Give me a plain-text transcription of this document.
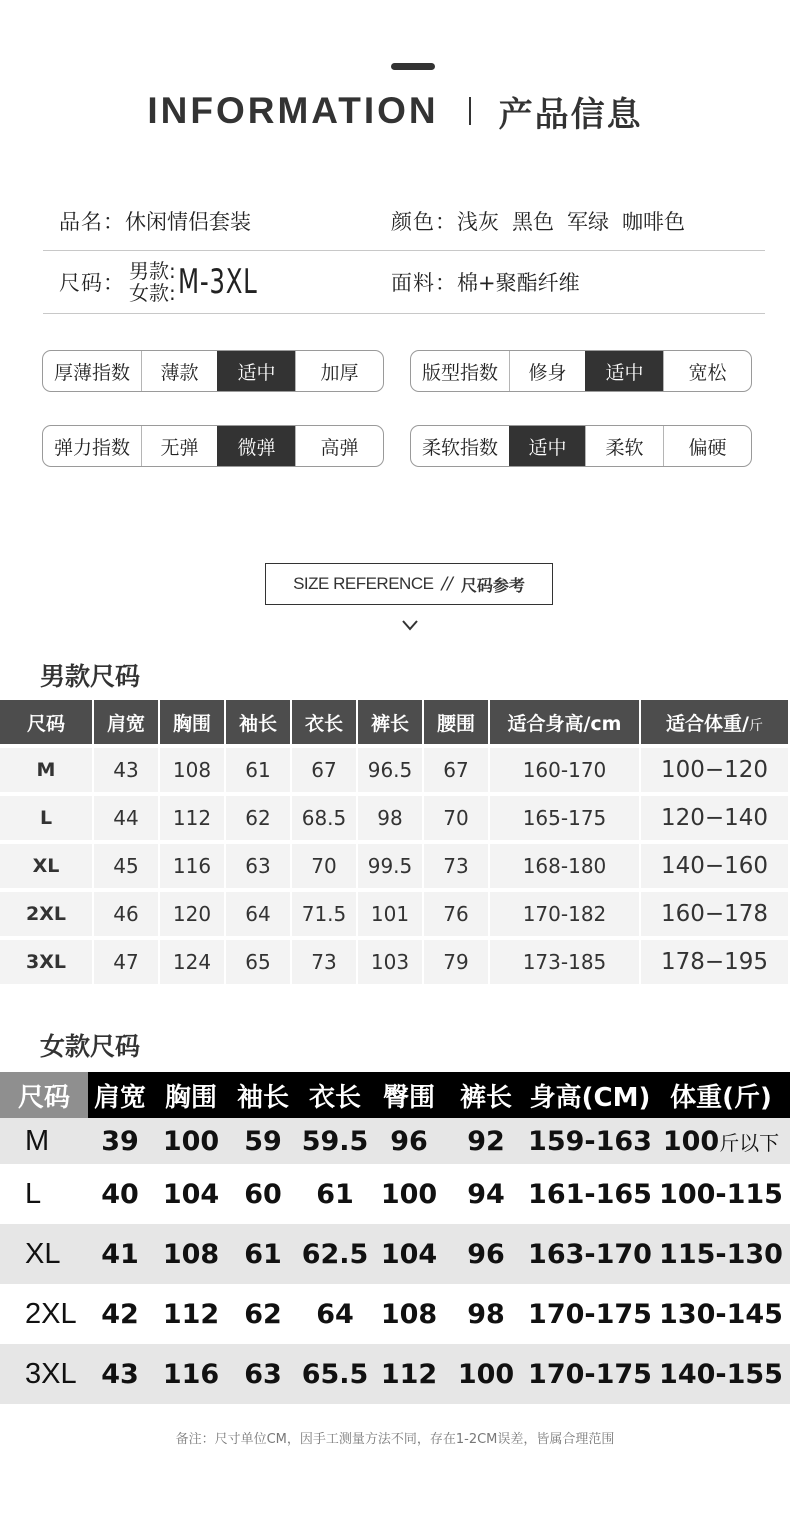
INFORMATION 产品信息
品名： 休闲情侣套装	颜色： 浅灰 黑色 军绿 咖啡色
尺码： 男款:
女款: M-3XL	面料： 棉+聚酯纤维
厚薄指数	薄款	适中	加厚	版型指数	修身	适中	宽松
弹力指数	无弹	微弹	高弹	柔软指数	适中	柔软	偏硬
SIZE REFERENCE // 尺码参考
男款尺码
尺码	肩宽	胸围	袖长	衣长	裤长	腰围	适合身高/cm	适合体重/斤
M	43	108	61	67	96.5	67	160-170	100−120
L	44	112	62	68.5	98	70	165-175	120−140
XL	45	116	63	70	99.5	73	168-180	140−160
2XL	46	120	64	71.5	101	76	170-182	160−178
3XL	47	124	65	73	103	79	173-185	178−195
女款尺码
尺码	肩宽	胸围	袖长	衣长	臀围	裤长	身高(CM)	体重(斤)
M	39	100	59	59.5	96	92	159-163	100斤以下
L	40	104	60	61	100	94	161-165	100-115
XL	41	108	61	62.5	104	96	163-170	115-130
2XL	42	112	62	64	108	98	170-175	130-145
3XL	43	116	63	65.5	112	100	170-175	140-155
备注：尺寸单位CM，因手工测量方法不同，存在1-2CM误差，皆属合理范围
